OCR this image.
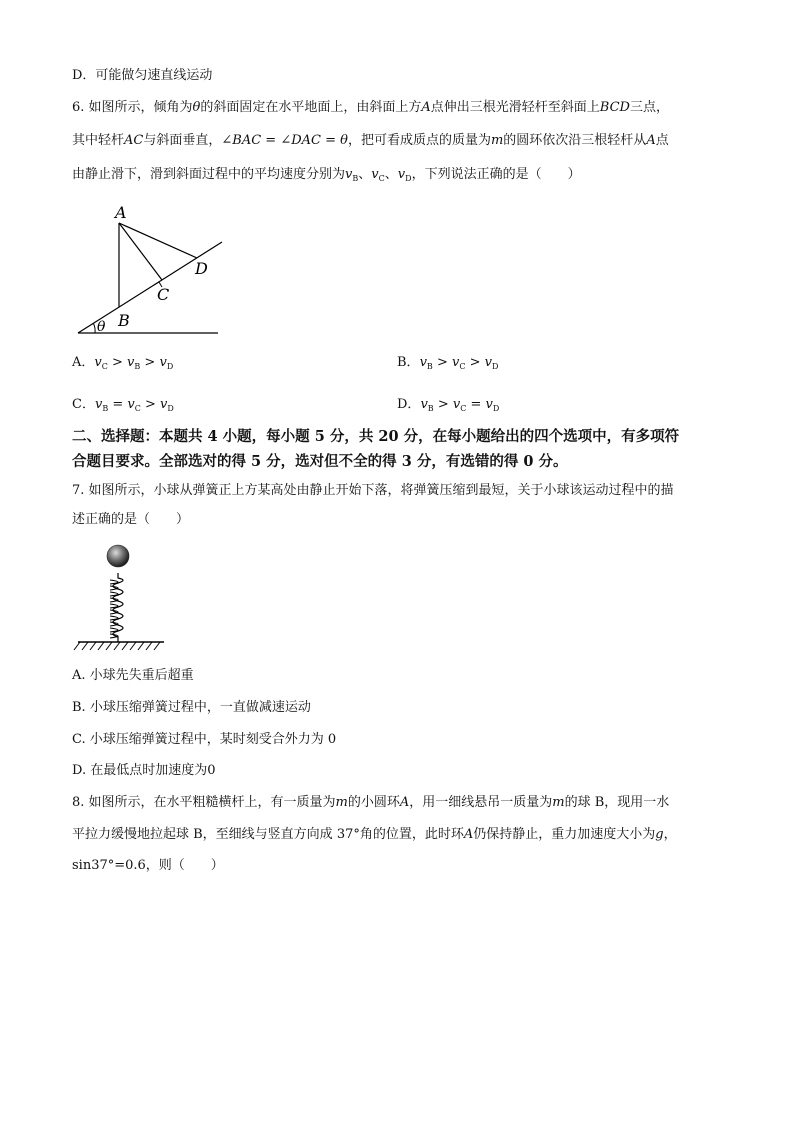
D．可能做匀速直线运动
6. 如图所示，倾角为θ的斜面固定在水平地面上，由斜面上方A点伸出三根光滑轻杆至斜面上BCD三点，
其中轻杆AC与斜面垂直，∠BAC = ∠DAC = θ，把可看成质点的质量为m的圆环依次沿三根轻杆从A点
由静止滑下，滑到斜面过程中的平均速度分别为$v_B$、$v_C$、$v_D$，下列说法正确的是（　　）
A
B
C
D
θ
A．$v_C > v_B > v_D$	B．$v_B > v_C > v_D$
C．$v_B = v_C > v_D$	D．$v_B > v_C = v_D$
二、选择题：本题共 4 小题，每小题 5 分，共 20 分，在每小题给出的四个选项中，有多项符
合题目要求。全部选对的得 5 分，选对但不全的得 3 分，有选错的得 0 分。
7. 如图所示，小球从弹簧正上方某高处由静止开始下落，将弹簧压缩到最短，关于小球该运动过程中的描
述正确的是（　　）
A. 小球先失重后超重
B. 小球压缩弹簧过程中，一直做减速运动
C. 小球压缩弹簧过程中，某时刻受合外力为 0
D. 在最低点时加速度为0
8. 如图所示，在水平粗糙横杆上，有一质量为m的小圆环A，用一细线悬吊一质量为m的球 B，现用一水
平拉力缓慢地拉起球 B，至细线与竖直方向成 37°角的位置，此时环A仍保持静止，重力加速度大小为g，
sin37°=0.6，则（　　）
